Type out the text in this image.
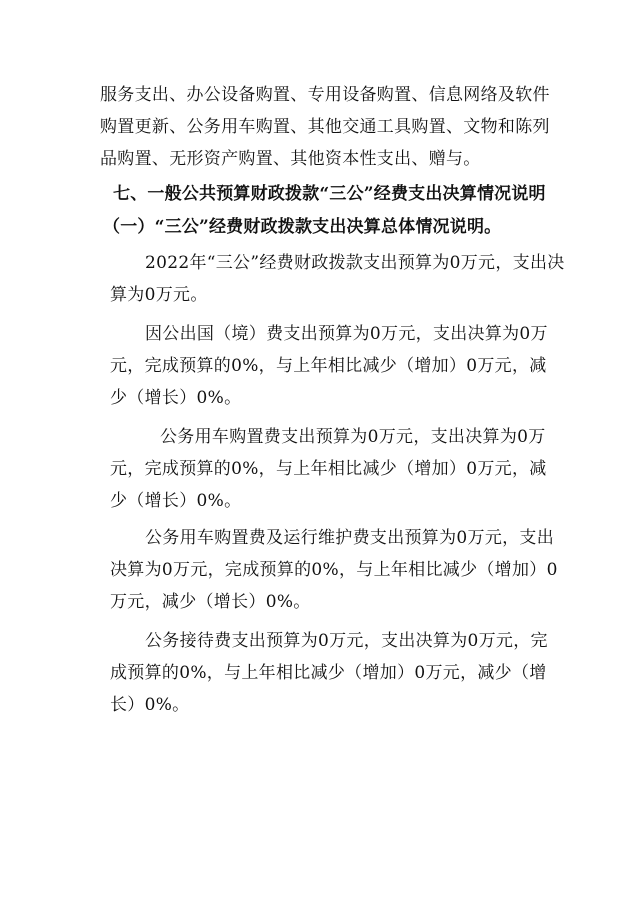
服务支出、办公设备购置、专用设备购置、信息网络及软件
购置更新、公务用车购置、其他交通工具购置、文物和陈列
品购置、无形资产购置、其他资本性支出、赠与。
七、一般公共预算财政拨款“三公”经费支出决算情况说明
（一）“三公”经费财政拨款支出决算总体情况说明。
2022年“三公”经费财政拨款支出预算为0万元，支出决
算为0万元。
因公出国（境）费支出预算为0万元，支出决算为0万
元，完成预算的0%，与上年相比减少（增加）0万元，减
少（增长）0%。
公务用车购置费支出预算为0万元，支出决算为0万
元，完成预算的0%，与上年相比减少（增加）0万元，减
少（增长）0%。
公务用车购置费及运行维护费支出预算为0万元，支出
决算为0万元，完成预算的0%，与上年相比减少（增加）0
万元，减少（增长）0%。
公务接待费支出预算为0万元，支出决算为0万元，完
成预算的0%，与上年相比减少（增加）0万元，减少（增
长）0%。
